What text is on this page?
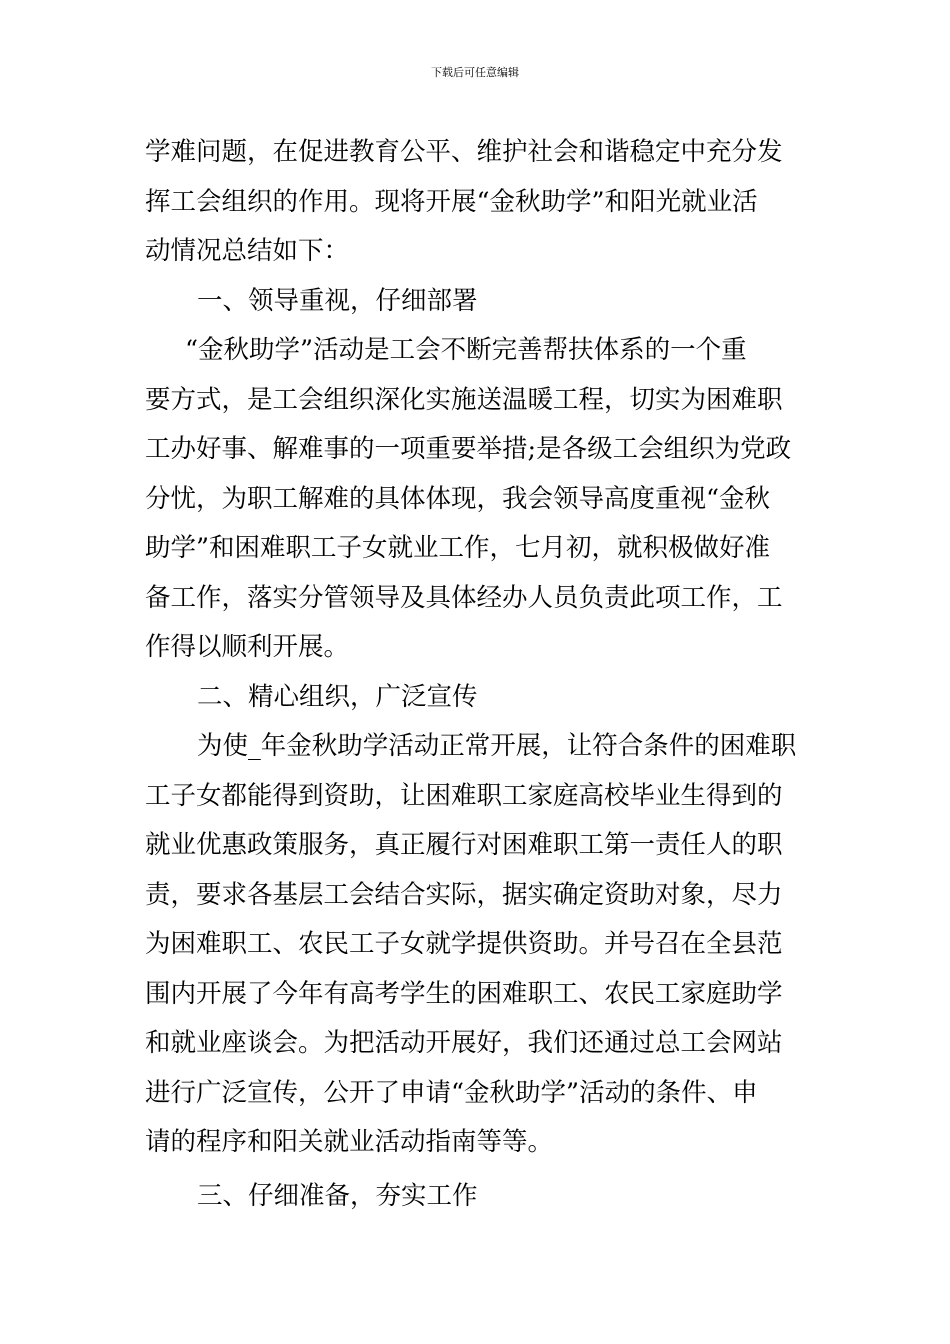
下载后可任意编辑
学难问题，在促进教育公平、维护社会和谐稳定中充分发
挥工会组织的作用。现将开展“金秋助学”和阳光就业活
动情况总结如下：
一、领导重视，仔细部署
“金秋助学”活动是工会不断完善帮扶体系的一个重
要方式，是工会组织深化实施送温暖工程，切实为困难职
工办好事、解难事的一项重要举措;是各级工会组织为党政
分忧，为职工解难的具体体现，我会领导高度重视“金秋
助学”和困难职工子女就业工作，七月初，就积极做好准
备工作，落实分管领导及具体经办人员负责此项工作，工
作得以顺利开展。
二、精心组织，广泛宣传
为使_年金秋助学活动正常开展，让符合条件的困难职
工子女都能得到资助，让困难职工家庭高校毕业生得到的
就业优惠政策服务，真正履行对困难职工第一责任人的职
责，要求各基层工会结合实际，据实确定资助对象，尽力
为困难职工、农民工子女就学提供资助。并号召在全县范
围内开展了今年有高考学生的困难职工、农民工家庭助学
和就业座谈会。为把活动开展好，我们还通过总工会网站
进行广泛宣传，公开了申请“金秋助学”活动的条件、申
请的程序和阳关就业活动指南等等。
三、仔细准备，夯实工作
